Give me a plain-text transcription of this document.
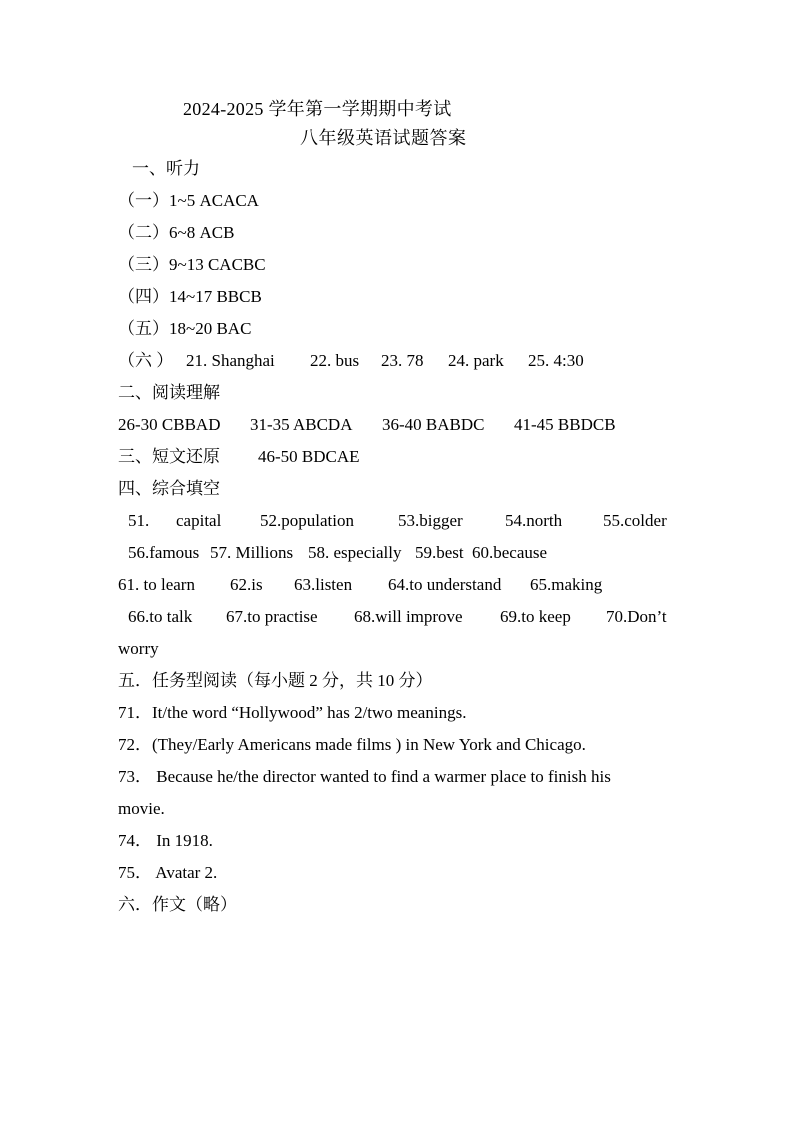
2024-2025 学年第一学期期中考试
八年级英语试题答案
一、听力
（一）1~5 ACACA
（二）6~8 ACB
（三）9~13 CACBC
（四）14~17 BBCB
（五）18~20 BAC
（六 ） 21. Shanghai 22. bus 23. 78 24. park 25. 4:30
二、阅读理解
26-30 CBBAD 31-35 ABCDA 36-40 BABDC 41-45 BBDCB
三、短文还原 46-50 BDCAE
四、综合填空
51. capital 52.population	53.bigger 54.north 55.colder
56.famous 57. Millions 58. especially 59.best 60.because
61. to learn 62.is 63.listen 64.to understand 65.making
66.to talk 67.to practise 68.will improve 69.to keep 70.Don’t
worry
五．任务型阅读（每小题 2 分，共 10 分）
71．It/the word “Hollywood” has 2/two meanings.
72．(They/Early Americans made films ) in New York and Chicago.
73． Because he/the director wanted to find a warmer place to finish his
movie.
74． In 1918.
75． Avatar 2.
六．作文（略）
